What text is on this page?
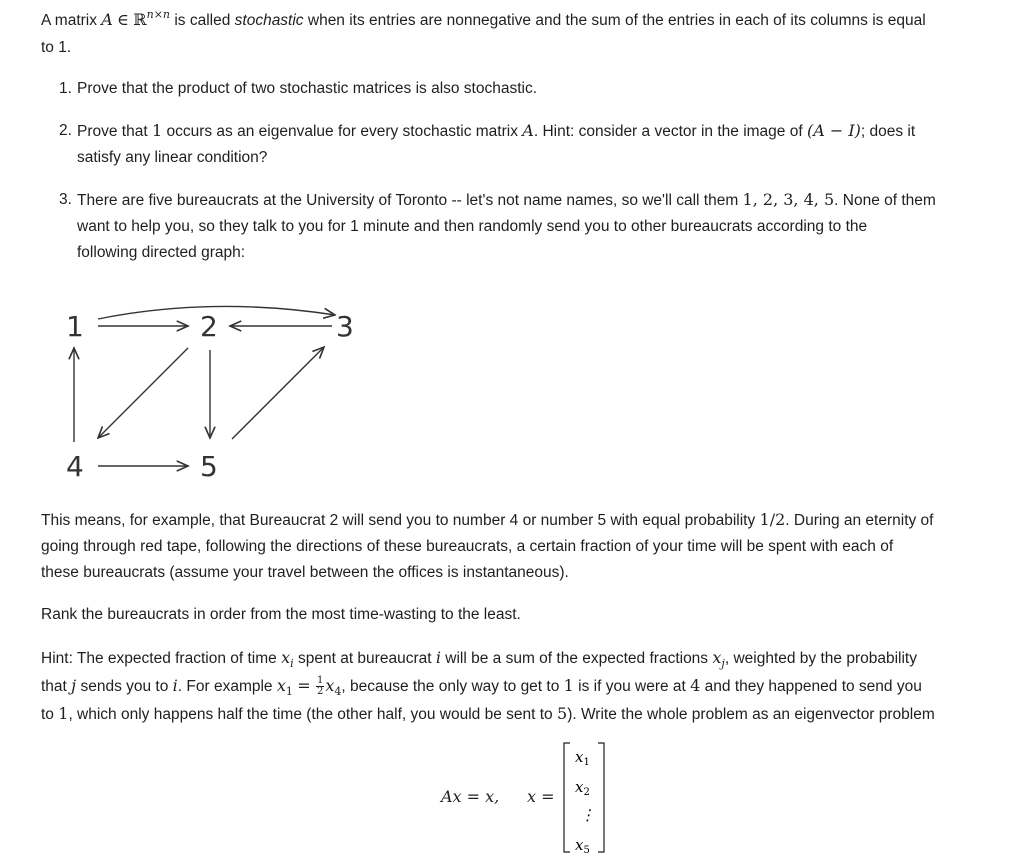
A matrix A ∈ ℝ$^{n\times n}$ is called stochastic when its entries are nonnegative and the sum of the entries in each of its columns is equal
to 1.
1. Prove that the product of two stochastic matrices is also stochastic.
2. Prove that 1 occurs as an eigenvalue for every stochastic matrix A. Hint: consider a vector in the image of (A − I); does it
satisfy any linear condition?
3. There are five bureaucrats at the University of Toronto -- let's not name names, so we'll call them 1, 2, 3, 4, 5. None of them
want to help you, so they talk to you for 1 minute and then randomly send you to other bureaucrats according to the
following directed graph:
1	2	3
4	5
This means, for example, that Bureaucrat 2 will send you to number 4 or number 5 with equal probability 1/2. During an eternity of
going through red tape, following the directions of these bureaucrats, a certain fraction of your time will be spent with each of
these bureaucrats (assume your travel between the offices is instantaneous).
Rank the bureaucrats in order from the most time-wasting to the least.
Hint: The expected fraction of time $x_i$ spent at bureaucrat i will be a sum of the expected fractions $x_j$, weighted by the probability
that j sends you to i. For example $x_1 = \frac{1}{2} x_4$, because the only way to get to 1 is if you were at 4 and they happened to send you
to 1, which only happens half the time (the other half, you would be sent to 5). Write the whole problem as an eigenvector problem
Ax = x, x =
$x_1$
$x_2$
⋮
$x_5$
